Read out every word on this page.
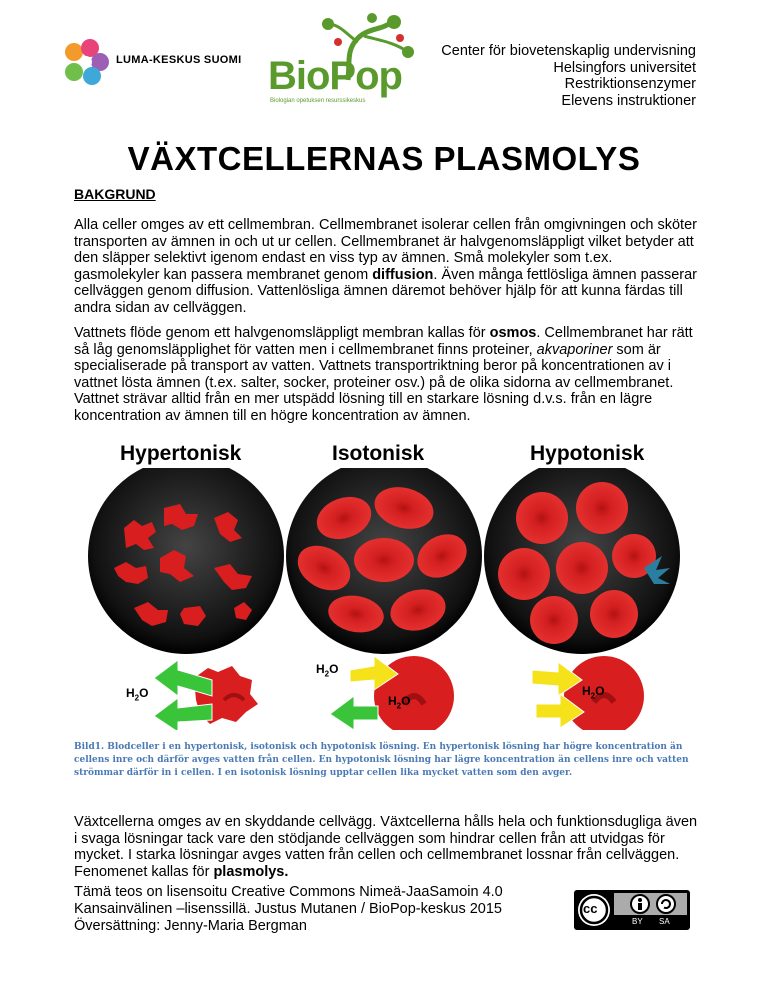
LUMA-KESKUS SUOMI BioPop
Biologian opetuksen resurssikeskus
Center för biovetenskaplig undervisning
Helsingfors universitet
Restriktionsenzymer
Elevens instruktioner
VÄXTCELLERNAS PLASMOLYS
BAKGRUND
Alla celler omges av ett cellmembran. Cellmembranet isolerar cellen från omgivningen och sköter transporten av ämnen in och ut ur cellen. Cellmembranet är halvgenomsläppligt vilket betyder att den släpper selektivt igenom endast en viss typ av ämnen. Små molekyler som t.ex. gasmolekyler kan passera membranet genom diffusion. Även många fettlösliga ämnen passerar cellväggen genom diffusion. Vattenlösliga ämnen däremot behöver hjälp för att kunna färdas till andra sidan av cellväggen.
Vattnets flöde genom ett halvgenomsläppligt membran kallas för osmos. Cellmembranet har rätt så låg genomsläpplighet för vatten men i cellmembranet finns proteiner, akvaporiner som är specialiserade på transport av vatten. Vattnets transportriktning beror på koncentrationen av i vattnet lösta ämnen (t.ex. salter, socker, proteiner osv.) på de olika sidorna av cellmembranet. Vattnet strävar alltid från en mer utspädd lösning till en starkare lösning d.v.s. från en lägre koncentration av ämnen till en högre koncentration av ämnen.
Hypertonisk	Isotonisk	Hypotonisk
$H_2O$
$H_2O$
$H_2O$
$H_2O$
Bild1. Blodceller i en hypertonisk, isotonisk och hypotonisk lösning. En hypertonisk lösning har högre koncentration än cellens inre och därför avges vatten från cellen. En hypotonisk lösning har lägre koncentration än cellens inre och vatten strömmar därför in i cellen. I en isotonisk lösning upptar cellen lika mycket vatten som den avger.
Växtcellerna omges av en skyddande cellvägg. Växtcellerna hålls hela och funktionsdugliga även i svaga lösningar tack vare den stödjande cellväggen som hindrar cellen från att utvidgas för mycket. I starka lösningar avges vatten från cellen och cellmembranet lossnar från cellväggen. Fenomenet kallas för plasmolys.
Tämä teos on lisensoitu Creative Commons Nimeä-JaaSamoin 4.0
Kansainvälinen –lisenssillä. Justus Mutanen / BioPop-keskus 2015
Översättning: Jenny-Maria Bergman
cc
BY SA
